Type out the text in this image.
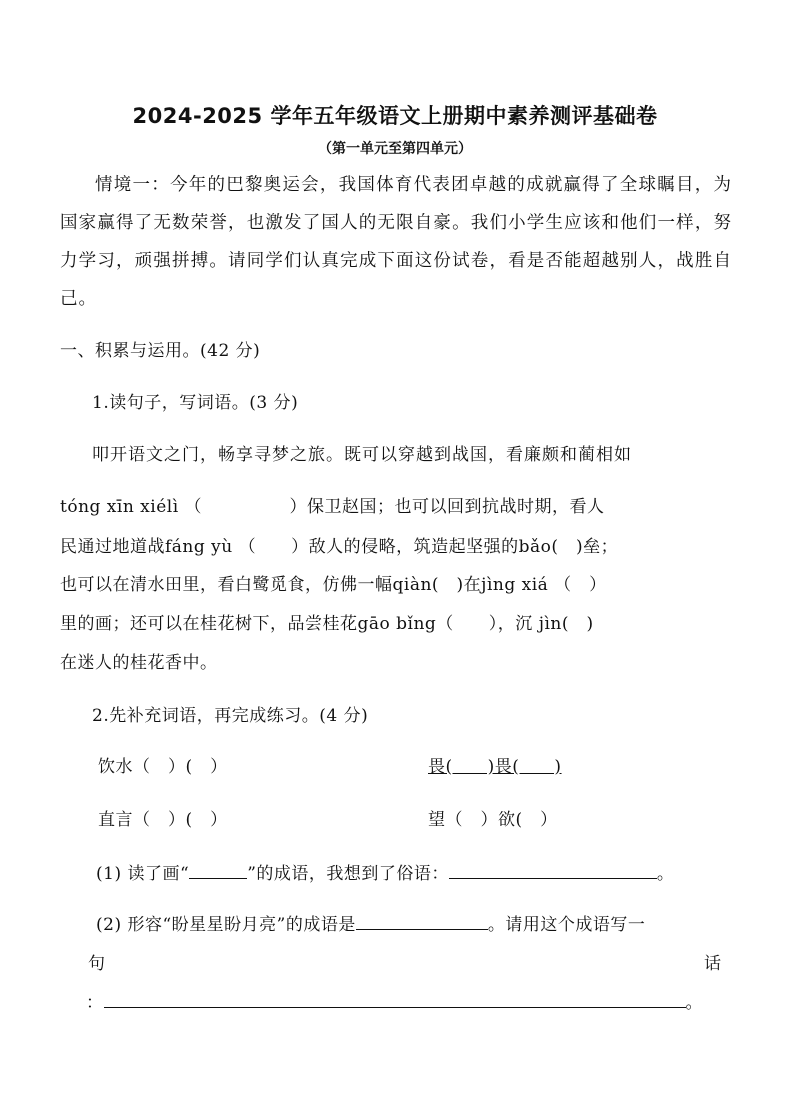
2024-2025 学年五年级语文上册期中素养测评基础卷
（第一单元至第四单元）
情境一：今年的巴黎奥运会，我国体育代表团卓越的成就赢得了全球瞩目，为国家赢得了无数荣誉，也激发了国人的无限自豪。我们小学生应该和他们一样，努力学习，顽强拼搏。请同学们认真完成下面这份试卷，看是否能超越别人，战胜自己。
一、积累与运用。(42 分)
1.读句子，写词语。(3 分)
叩开语文之门，畅享寻梦之旅。既可以穿越到战国，看廉颇和蔺相如
tóng xīn xiélì （　　　　　）保卫赵国；也可以回到抗战时期，看人
民通过地道战fáng yù （　　）敌人的侵略，筑造起坚强的bǎo(　)垒；
也可以在清水田里，看白鹭觅食，仿佛一幅qiàn(　)在jìng xiá （　）
里的画；还可以在桂花树下，品尝桂花gāo bǐng（　　），沉 jìn(　)
在迷人的桂花香中。
2.先补充词语，再完成练习。(4 分)
饮水（　）(　）	畏(　　)畏(　　)
直言（　）(　）	望（　）欲(　）
(1) 读了画“	”的成语，我想到了俗语：	。
(2) 形容“盼星星盼月亮”的成语是	。请用这个成语写一
句	话
：	。
